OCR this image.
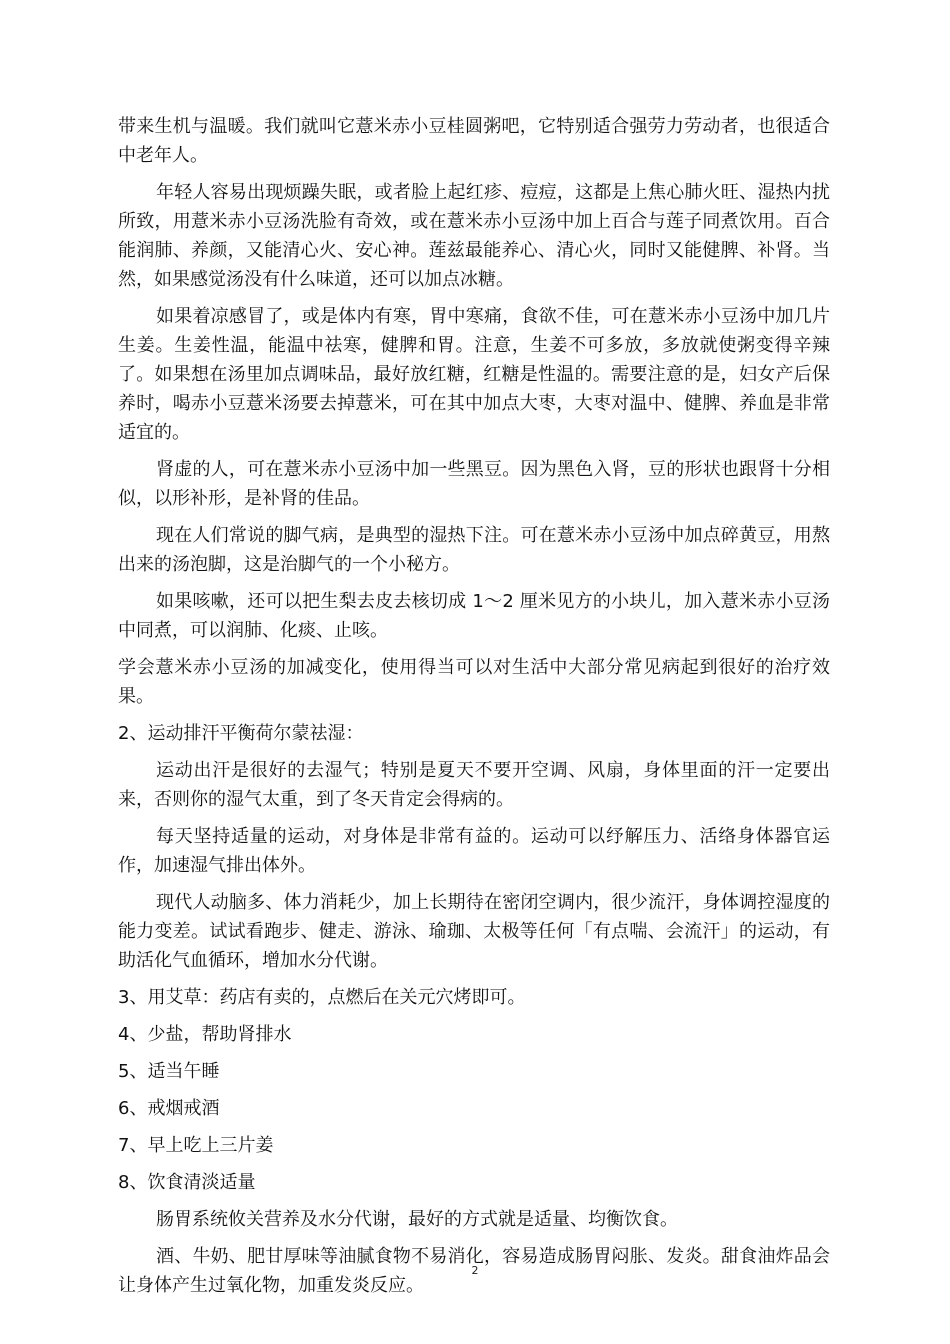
带来生机与温暖。我们就叫它薏米赤小豆桂圆粥吧，它特别适合强劳力劳动者，也很适合中老年人。

年轻人容易出现烦躁失眠，或者脸上起红疹、痘痘，这都是上焦心肺火旺、湿热内扰所致，用薏米赤小豆汤洗脸有奇效，或在薏米赤小豆汤中加上百合与莲子同煮饮用。百合能润肺、养颜，又能清心火、安心神。莲兹最能养心、清心火，同时又能健脾、补肾。当然，如果感觉汤没有什么味道，还可以加点冰糖。

如果着凉感冒了，或是体内有寒，胃中寒痛，食欲不佳，可在薏米赤小豆汤中加几片生姜。生姜性温，能温中祛寒，健脾和胃。注意，生姜不可多放，多放就使粥变得辛辣了。如果想在汤里加点调味品，最好放红糖，红糖是性温的。需要注意的是，妇女产后保养时，喝赤小豆薏米汤要去掉薏米，可在其中加点大枣，大枣对温中、健脾、养血是非常适宜的。

肾虚的人，可在薏米赤小豆汤中加一些黑豆。因为黑色入肾，豆的形状也跟肾十分相似，以形补形，是补肾的佳品。

现在人们常说的脚气病，是典型的湿热下注。可在薏米赤小豆汤中加点碎黄豆，用熬出来的汤泡脚，这是治脚气的一个小秘方。

如果咳嗽，还可以把生梨去皮去核切成 1～2 厘米见方的小块儿，加入薏米赤小豆汤中同煮，可以润肺、化痰、止咳。

学会薏米赤小豆汤的加减变化，使用得当可以对生活中大部分常见病起到很好的治疗效果。

2、运动排汗平衡荷尔蒙祛湿：

运动出汗是很好的去湿气；特别是夏天不要开空调、风扇，身体里面的汗一定要出来，否则你的湿气太重，到了冬天肯定会得病的。

每天坚持适量的运动，对身体是非常有益的。运动可以纾解压力、活络身体器官运作，加速湿气排出体外。

现代人动脑多、体力消耗少，加上长期待在密闭空调内，很少流汗，身体调控湿度的能力变差。试试看跑步、健走、游泳、瑜珈、太极等任何「有点喘、会流汗」的运动，有助活化气血循环，增加水分代谢。

3、用艾草：药店有卖的，点燃后在关元穴烤即可。

4、少盐，帮助肾排水

5、适当午睡

6、戒烟戒酒

7、早上吃上三片姜

8、饮食清淡适量

肠胃系统攸关营养及水分代谢，最好的方式就是适量、均衡饮食。

酒、牛奶、肥甘厚味等油腻食物不易消化，容易造成肠胃闷胀、发炎。甜食油炸品会让身体产生过氧化物，加重发炎反应。

2
